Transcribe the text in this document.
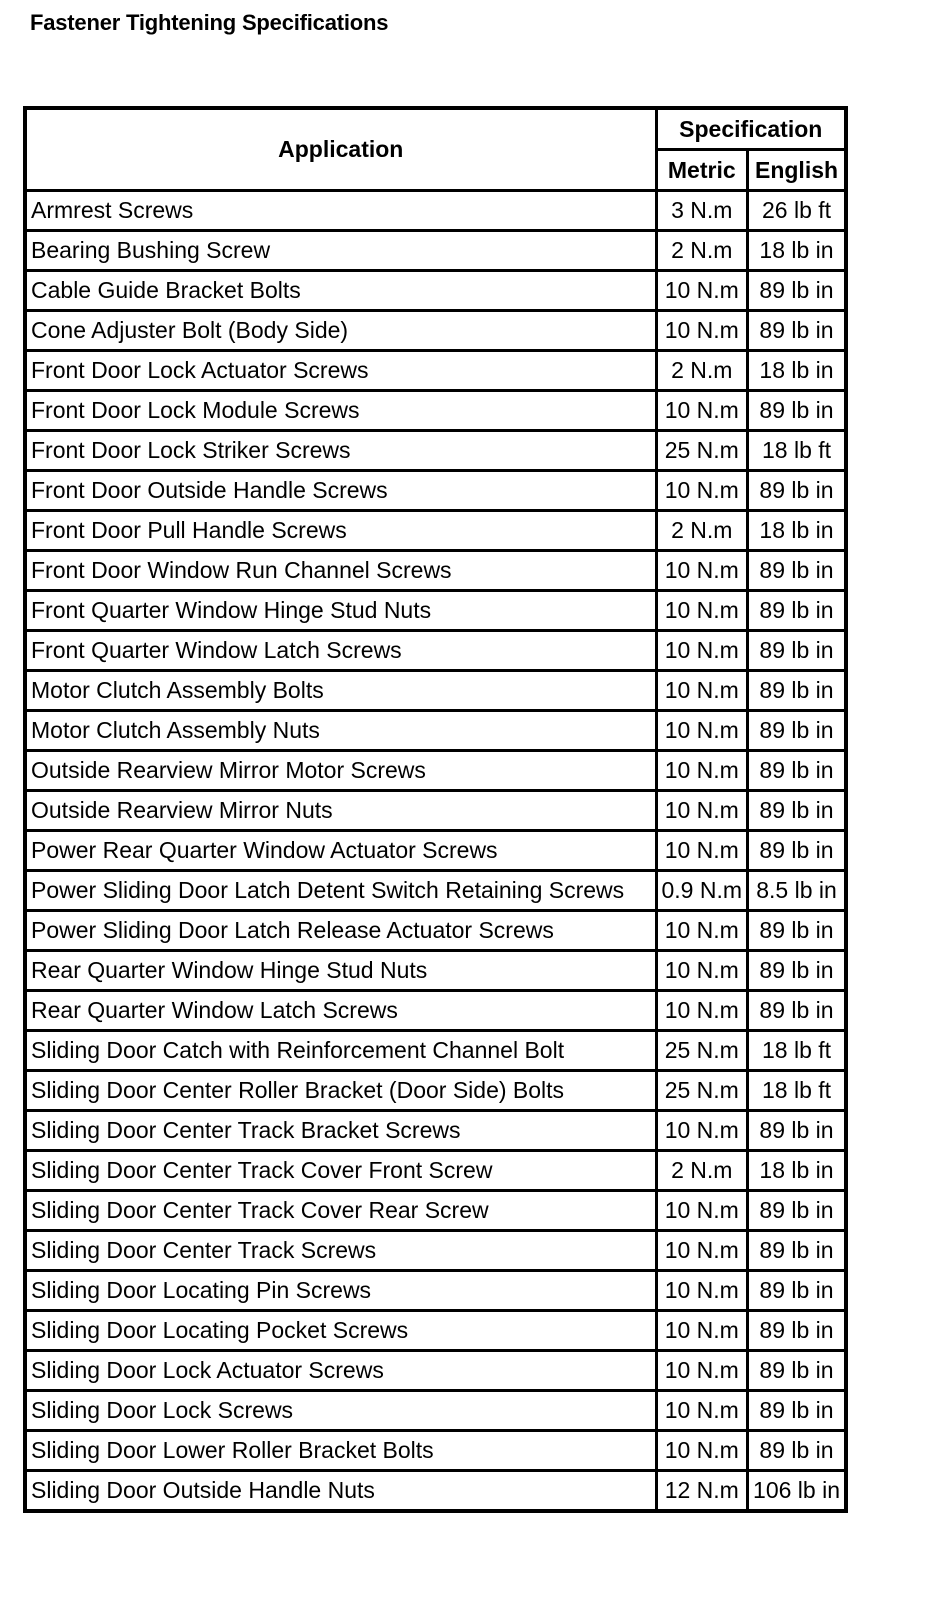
Fastener Tightening Specifications
Application	Specification	
	Metric	English
Armrest Screws	3 N.m	26 lb ft
Bearing Bushing Screw	2 N.m	18 lb in
Cable Guide Bracket Bolts	10 N.m	89 lb in
Cone Adjuster Bolt (Body Side)	10 N.m	89 lb in
Front Door Lock Actuator Screws	2 N.m	18 lb in
Front Door Lock Module Screws	10 N.m	89 lb in
Front Door Lock Striker Screws	25 N.m	18 lb ft
Front Door Outside Handle Screws	10 N.m	89 lb in
Front Door Pull Handle Screws	2 N.m	18 lb in
Front Door Window Run Channel Screws	10 N.m	89 lb in
Front Quarter Window Hinge Stud Nuts	10 N.m	89 lb in
Front Quarter Window Latch Screws	10 N.m	89 lb in
Motor Clutch Assembly Bolts	10 N.m	89 lb in
Motor Clutch Assembly Nuts	10 N.m	89 lb in
Outside Rearview Mirror Motor Screws	10 N.m	89 lb in
Outside Rearview Mirror Nuts	10 N.m	89 lb in
Power Rear Quarter Window Actuator Screws	10 N.m	89 lb in
Power Sliding Door Latch Detent Switch Retaining Screws	0.9 N.m	8.5 lb in
Power Sliding Door Latch Release Actuator Screws	10 N.m	89 lb in
Rear Quarter Window Hinge Stud Nuts	10 N.m	89 lb in
Rear Quarter Window Latch Screws	10 N.m	89 lb in
Sliding Door Catch with Reinforcement Channel Bolt	25 N.m	18 lb ft
Sliding Door Center Roller Bracket (Door Side) Bolts	25 N.m	18 lb ft
Sliding Door Center Track Bracket Screws	10 N.m	89 lb in
Sliding Door Center Track Cover Front Screw	2 N.m	18 lb in
Sliding Door Center Track Cover Rear Screw	10 N.m	89 lb in
Sliding Door Center Track Screws	10 N.m	89 lb in
Sliding Door Locating Pin Screws	10 N.m	89 lb in
Sliding Door Locating Pocket Screws	10 N.m	89 lb in
Sliding Door Lock Actuator Screws	10 N.m	89 lb in
Sliding Door Lock Screws	10 N.m	89 lb in
Sliding Door Lower Roller Bracket Bolts	10 N.m	89 lb in
Sliding Door Outside Handle Nuts	12 N.m	106 lb in
